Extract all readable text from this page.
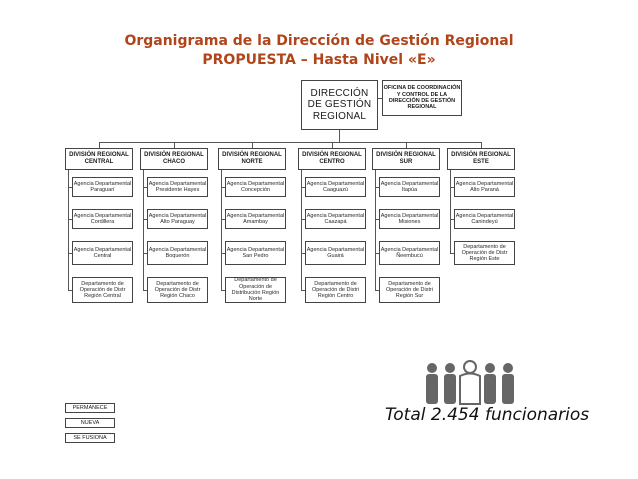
Organigrama de la Dirección de Gestión Regional
PROPUESTA – Hasta Nivel «E»
DIRECCIÓN DE GESTIÓN REGIONAL
OFICINA DE COORDINACIÓN Y CONTROL DE LA DIRECCIÓN DE GESTIÓN REGIONAL
DIVISIÓN REGIONAL CENTRAL
Agencia Departamental Paraguarí
Agencia Departamental Cordillera
Agencia Departamental Central
Departamento de Operación de Distr Región Central
DIVISIÓN REGIONAL CHACO
Agencia Departamental Presidente Hayes
Agencia Departamental Alto Paraguay
Agencia Departamental Boquerón
Departamento de Operación de Distr Región Chaco
DIVISIÓN REGIONAL NORTE
Agencia Departamental Concepción
Agencia Departamental Amambay
Agencia Departamental San Pedro
Departamento de Operación de Distribución Región Norte
DIVISIÓN REGIONAL CENTRO
Agencia Departamental Caaguazú
Agencia Departamental Caazapá
Agencia Departamental Guairá
Departamento de Operación de Distri Región Centro
DIVISIÓN REGIONAL SUR
Agencia Departamental Itapúa
Agencia Departamental Misiones
Agencia Departamental Ñeembucú
Departamento de Operación de Distri Región Sur
DIVISIÓN REGIONAL ESTE
Agencia Departamental Alto Paraná
Agencia Departamental Canindeyú
Departamento de Operación de Distr Región Este
PERMANECE
NUEVA
SE FUSIONA
Total 2.454 funcionarios
